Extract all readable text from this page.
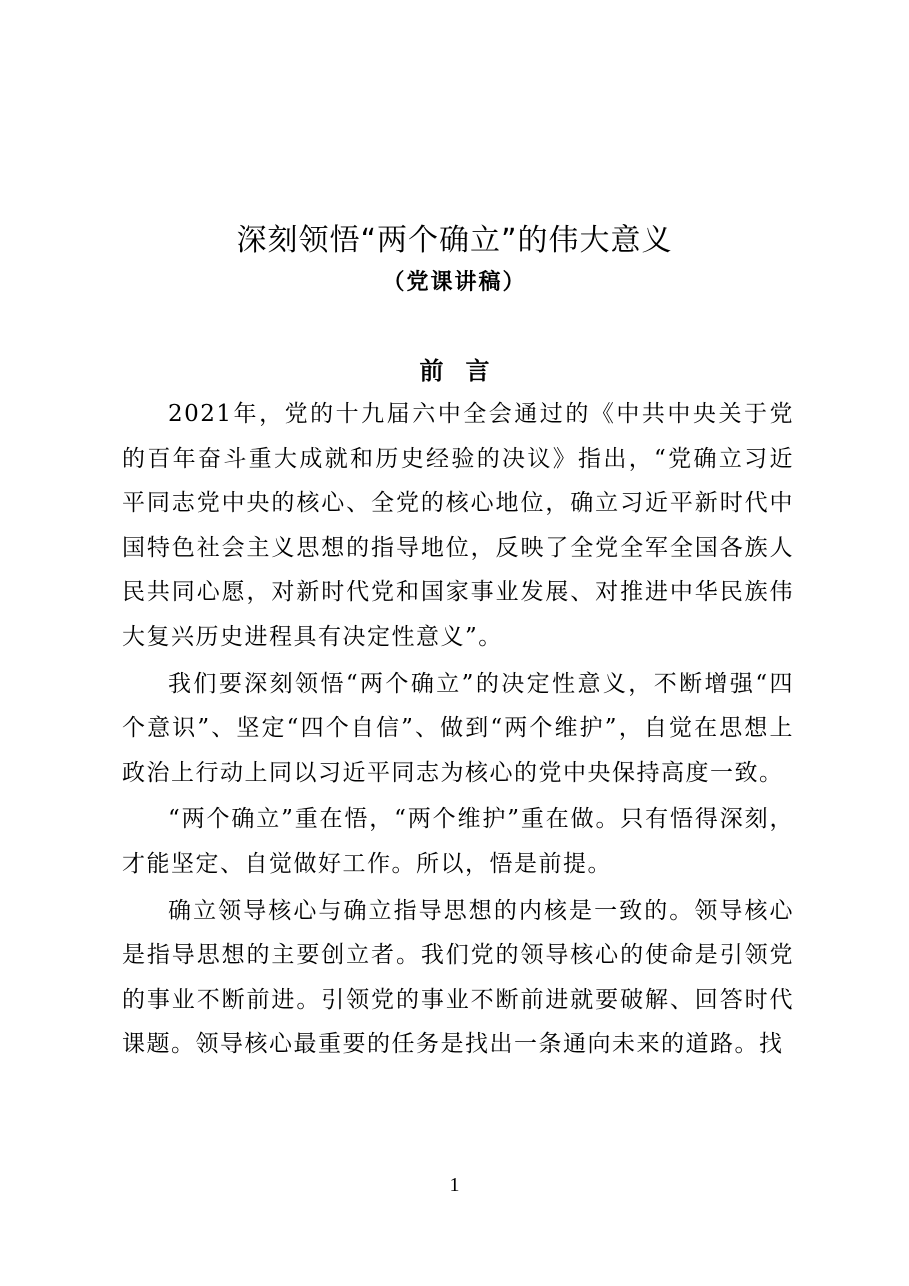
深刻领悟“两个确立”的伟大意义
（党课讲稿）
前言

2021年，党的十九届六中全会通过的《中共中央关于党的百年奋斗重大成就和历史经验的决议》指出，“党确立习近平同志党中央的核心、全党的核心地位，确立习近平新时代中国特色社会主义思想的指导地位，反映了全党全军全国各族人民共同心愿，对新时代党和国家事业发展、对推进中华民族伟大复兴历史进程具有决定性意义”。

我们要深刻领悟“两个确立”的决定性意义，不断增强“四个意识”、坚定“四个自信”、做到“两个维护”，自觉在思想上政治上行动上同以习近平同志为核心的党中央保持高度一致。

“两个确立”重在悟，“两个维护”重在做。只有悟得深刻，才能坚定、自觉做好工作。所以，悟是前提。

确立领导核心与确立指导思想的内核是一致的。领导核心是指导思想的主要创立者。我们党的领导核心的使命是引领党的事业不断前进。引领党的事业不断前进就要破解、回答时代课题。领导核心最重要的任务是找出一条通向未来的道路。找

1
